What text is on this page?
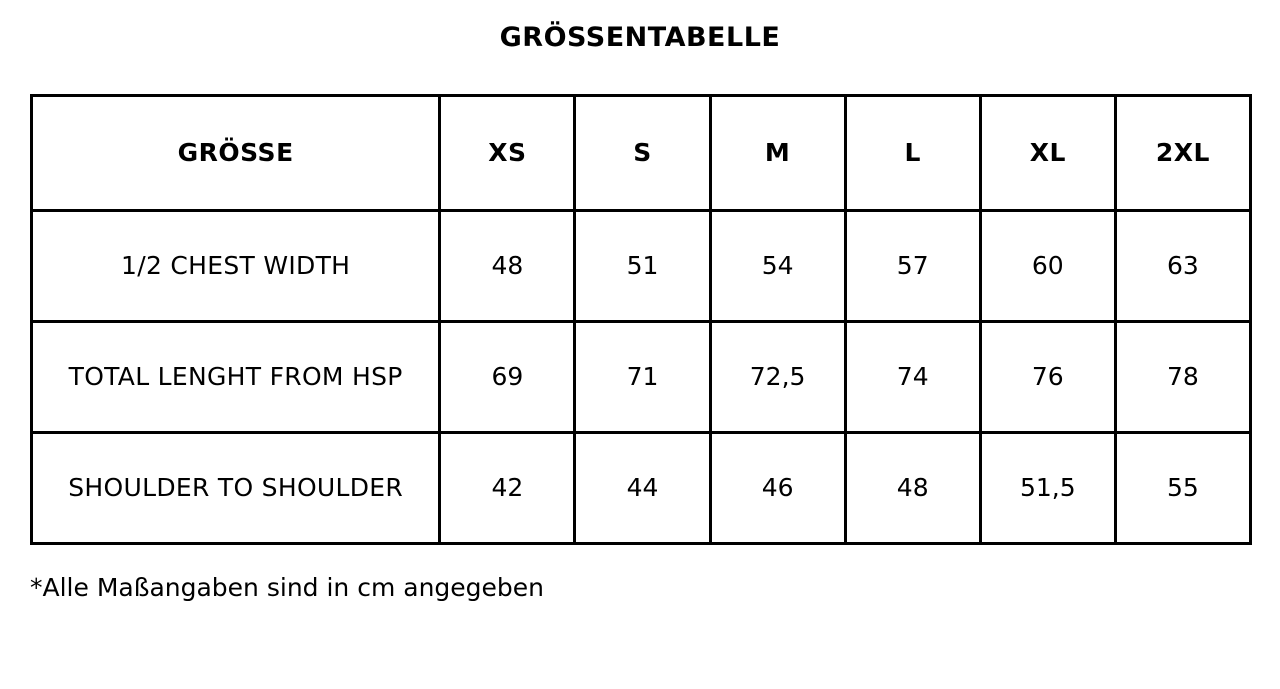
GRÖSSENTABELLE
GRÖSSE	XS	S	M	L	XL	2XL
1/2 CHEST WIDTH	48	51	54	57	60	63
TOTAL LENGHT FROM HSP	69	71	72,5	74	76	78
SHOULDER TO SHOULDER	42	44	46	48	51,5	55
*Alle Maßangaben sind in cm angegeben
